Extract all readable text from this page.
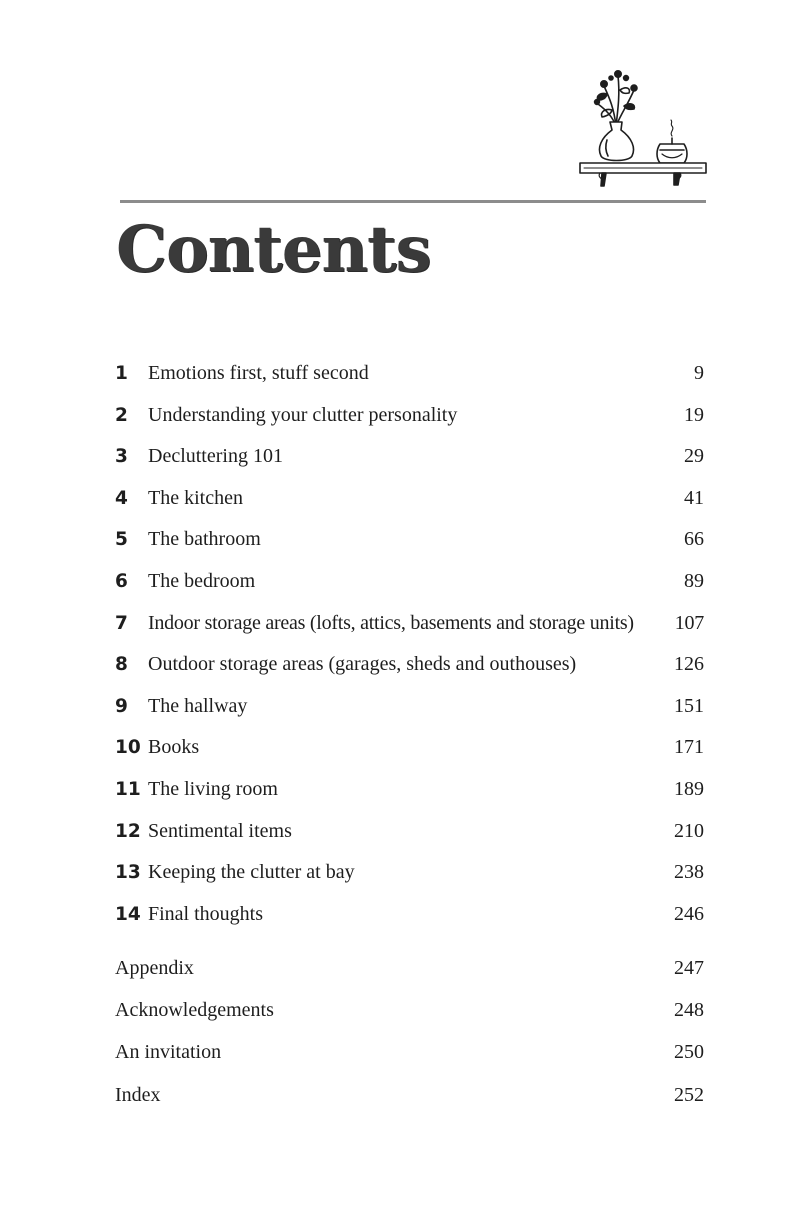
Contents
1	Emotions first, stuff second	9
2	Understanding your clutter personality	19
3	Decluttering 101	29
4	The kitchen	41
5	The bathroom	66
6	The bedroom	89
7	Indoor storage areas (lofts, attics, basements and storage units)	107
8	Outdoor storage areas (garages, sheds and outhouses)	126
9	The hallway	151
10 Books	171
11 The living room	189
12 Sentimental items	210
13 Keeping the clutter at bay	238
14 Final thoughts	246
Appendix	247
Acknowledgements	248
An invitation	250
Index	252
